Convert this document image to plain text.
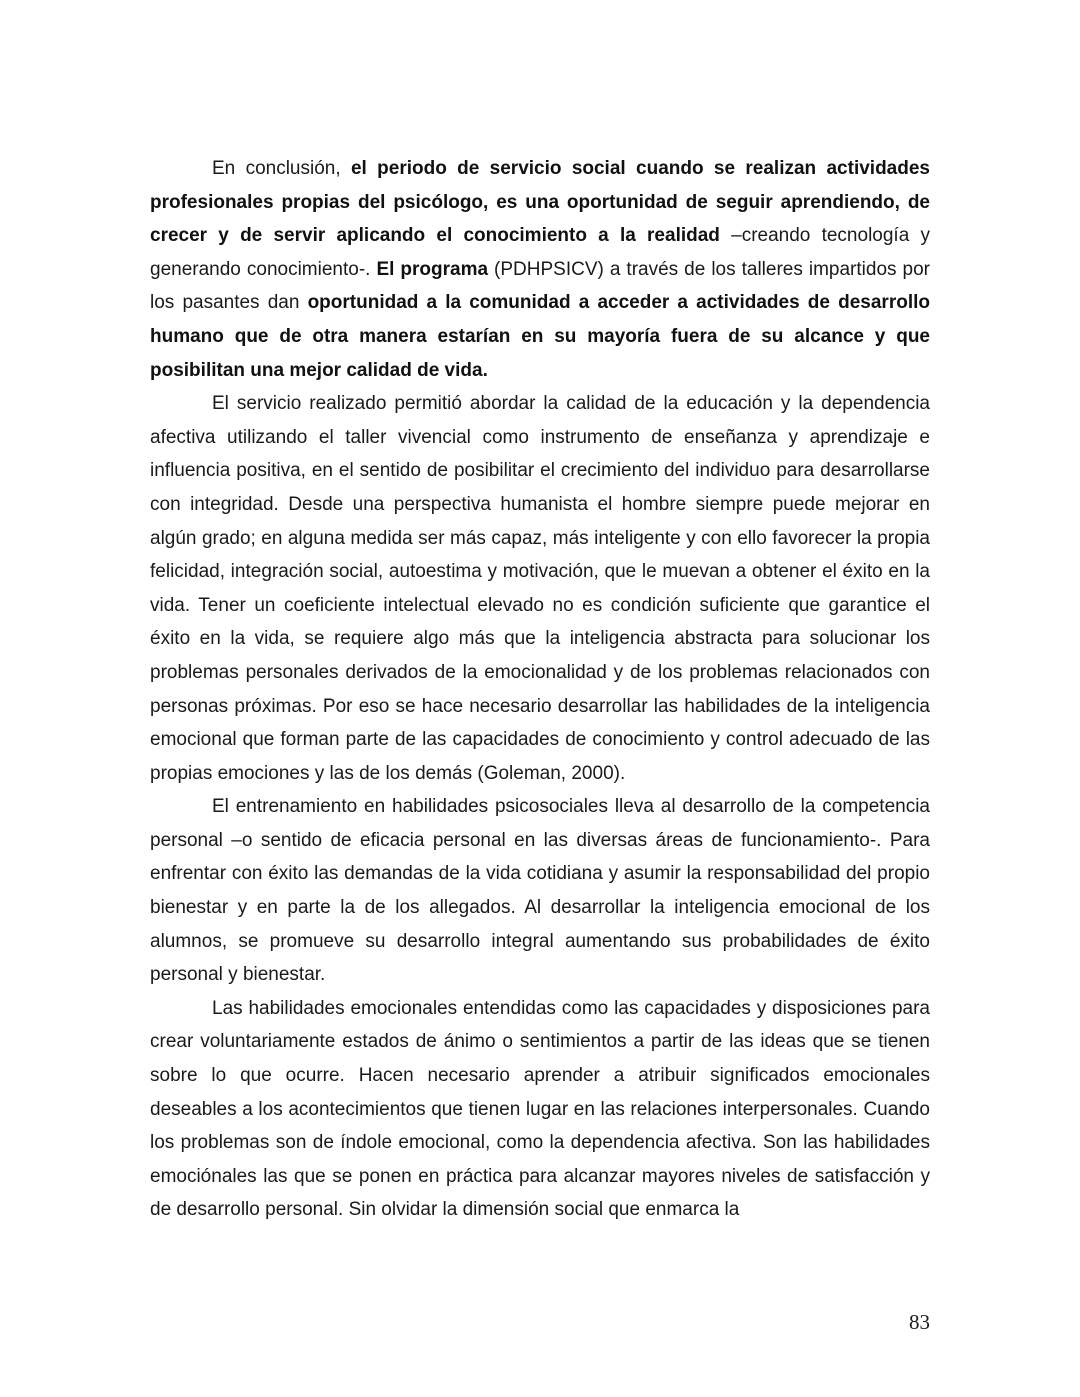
En conclusión, el periodo de servicio social cuando se realizan actividades profesionales propias del psicólogo, es una oportunidad de seguir aprendiendo, de crecer y de servir aplicando el conocimiento a la realidad –creando tecnología y generando conocimiento-. El programa (PDHPSICV) a través de los talleres impartidos por los pasantes dan oportunidad a la comunidad a acceder a actividades de desarrollo humano que de otra manera estarían en su mayoría fuera de su alcance y que posibilitan una mejor calidad de vida.

El servicio realizado permitió abordar la calidad de la educación y la dependencia afectiva utilizando el taller vivencial como instrumento de enseñanza y aprendizaje e influencia positiva, en el sentido de posibilitar el crecimiento del individuo para desarrollarse con integridad. Desde una perspectiva humanista el hombre siempre puede mejorar en algún grado; en alguna medida ser más capaz, más inteligente y con ello favorecer la propia felicidad, integración social, autoestima y motivación, que le muevan a obtener el éxito en la vida. Tener un coeficiente intelectual elevado no es condición suficiente que garantice el éxito en la vida, se requiere algo más que la inteligencia abstracta para solucionar los problemas personales derivados de la emocionalidad y de los problemas relacionados con personas próximas. Por eso se hace necesario desarrollar las habilidades de la inteligencia emocional que forman parte de las capacidades de conocimiento y control adecuado de las propias emociones y las de los demás (Goleman, 2000).

El entrenamiento en habilidades psicosociales lleva al desarrollo de la competencia personal –o sentido de eficacia personal en las diversas áreas de funcionamiento-. Para enfrentar con éxito las demandas de la vida cotidiana y asumir la responsabilidad del propio bienestar y en parte la de los allegados. Al desarrollar la inteligencia emocional de los alumnos, se promueve su desarrollo integral aumentando sus probabilidades de éxito personal y bienestar.

Las habilidades emocionales entendidas como las capacidades y disposiciones para crear voluntariamente estados de ánimo o sentimientos a partir de las ideas que se tienen sobre lo que ocurre. Hacen necesario aprender a atribuir significados emocionales deseables a los acontecimientos que tienen lugar en las relaciones interpersonales. Cuando los problemas son de índole emocional, como la dependencia afectiva. Son las habilidades emociónales las que se ponen en práctica para alcanzar mayores niveles de satisfacción y de desarrollo personal. Sin olvidar la dimensión social que enmarca la

83
